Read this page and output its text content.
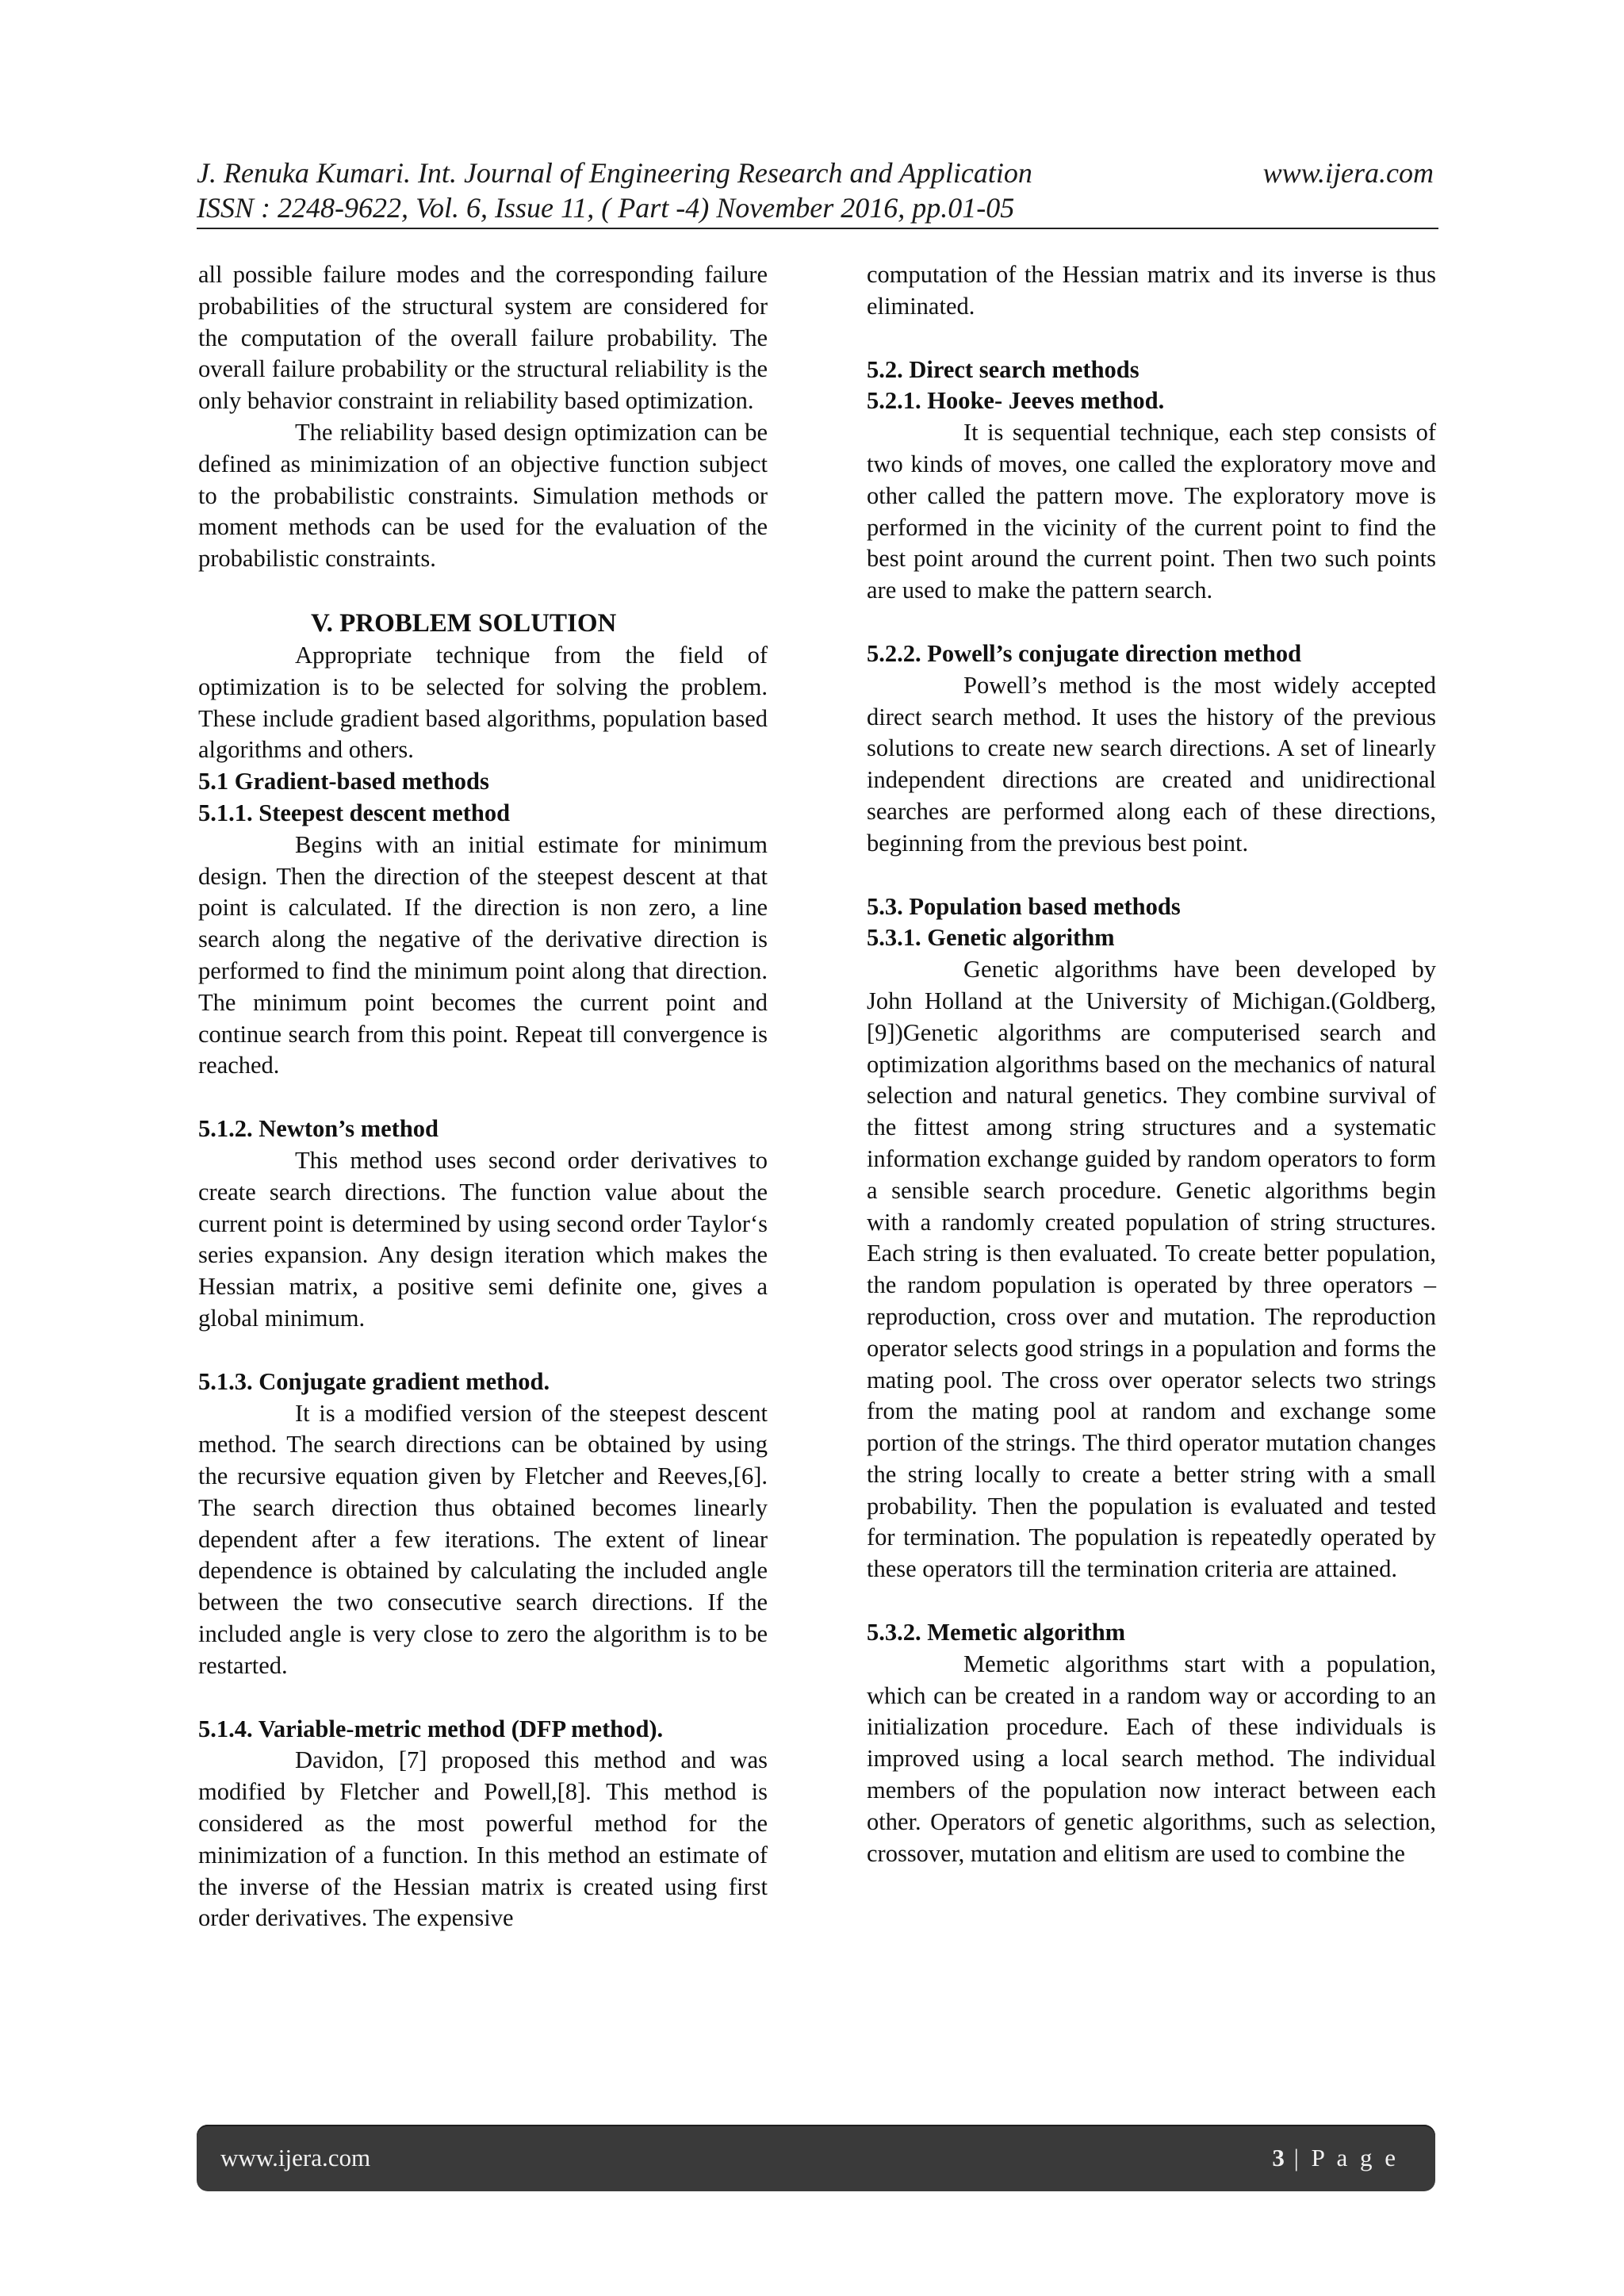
J. Renuka Kumari. Int. Journal of Engineering Research and Application	www.ijera.com
ISSN : 2248-9622, Vol. 6, Issue 11, ( Part -4) November 2016, pp.01-05

all possible failure modes and the corresponding failure probabilities of the structural system are considered for the computation of the overall failure probability. The overall failure probability or the structural reliability is the only behavior constraint in reliability based optimization.

The reliability based design optimization can be defined as minimization of an objective function subject to the probabilistic constraints. Simulation methods or moment methods can be used for the evaluation of the probabilistic constraints.

V. PROBLEM SOLUTION

Appropriate technique from the field of optimization is to be selected for solving the problem. These include gradient based algorithms, population based algorithms and others.

5.1 Gradient-based methods
5.1.1. Steepest descent method

Begins with an initial estimate for minimum design. Then the direction of the steepest descent at that point is calculated. If the direction is non zero, a line search along the negative of the derivative direction is performed to find the minimum point along that direction. The minimum point becomes the current point and continue search from this point. Repeat till convergence is reached.

5.1.2. Newton’s method

This method uses second order derivatives to create search directions. The function value about the current point is determined by using second order Taylor‘s series expansion. Any design iteration which makes the Hessian matrix, a positive semi definite one, gives a global minimum.

5.1.3. Conjugate gradient method.

It is a modified version of the steepest descent method. The search directions can be obtained by using the recursive equation given by Fletcher and Reeves,[6]. The search direction thus obtained becomes linearly dependent after a few iterations. The extent of linear dependence is obtained by calculating the included angle between the two consecutive search directions. If the included angle is very close to zero the algorithm is to be restarted.

5.1.4. Variable-metric method (DFP method).

Davidon, [7] proposed this method and was modified by Fletcher and Powell,[8]. This method is considered as the most powerful method for the minimization of a function. In this method an estimate of the inverse of the Hessian matrix is created using first order derivatives. The expensive

computation of the Hessian matrix and its inverse is thus eliminated.

5.2. Direct search methods
5.2.1. Hooke- Jeeves method.

It is sequential technique, each step consists of two kinds of moves, one called the exploratory move and other called the pattern move. The exploratory move is performed in the vicinity of the current point to find the best point around the current point. Then two such points are used to make the pattern search.

5.2.2. Powell’s conjugate direction method

Powell’s method is the most widely accepted direct search method. It uses the history of the previous solutions to create new search directions. A set of linearly independent directions are created and unidirectional searches are performed along each of these directions, beginning from the previous best point.

5.3. Population based methods
5.3.1. Genetic algorithm

Genetic algorithms have been developed by John Holland at the University of Michigan.(Goldberg, [9])Genetic algorithms are computerised search and optimization algorithms based on the mechanics of natural selection and natural genetics. They combine survival of the fittest among string structures and a systematic information exchange guided by random operators to form a sensible search procedure. Genetic algorithms begin with a randomly created population of string structures. Each string is then evaluated. To create better population, the random population is operated by three operators – reproduction, cross over and mutation. The reproduction operator selects good strings in a population and forms the mating pool. The cross over operator selects two strings from the mating pool at random and exchange some portion of the strings. The third operator mutation changes the string locally to create a better string with a small probability. Then the population is evaluated and tested for termination. The population is repeatedly operated by these operators till the termination criteria are attained.

5.3.2. Memetic algorithm

Memetic algorithms start with a population, which can be created in a random way or according to an initialization procedure. Each of these individuals is improved using a local search method. The individual members of the population now interact between each other. Operators of genetic algorithms, such as selection, crossover, mutation and elitism are used to combine the

www.ijera.com	3 | P a g e
